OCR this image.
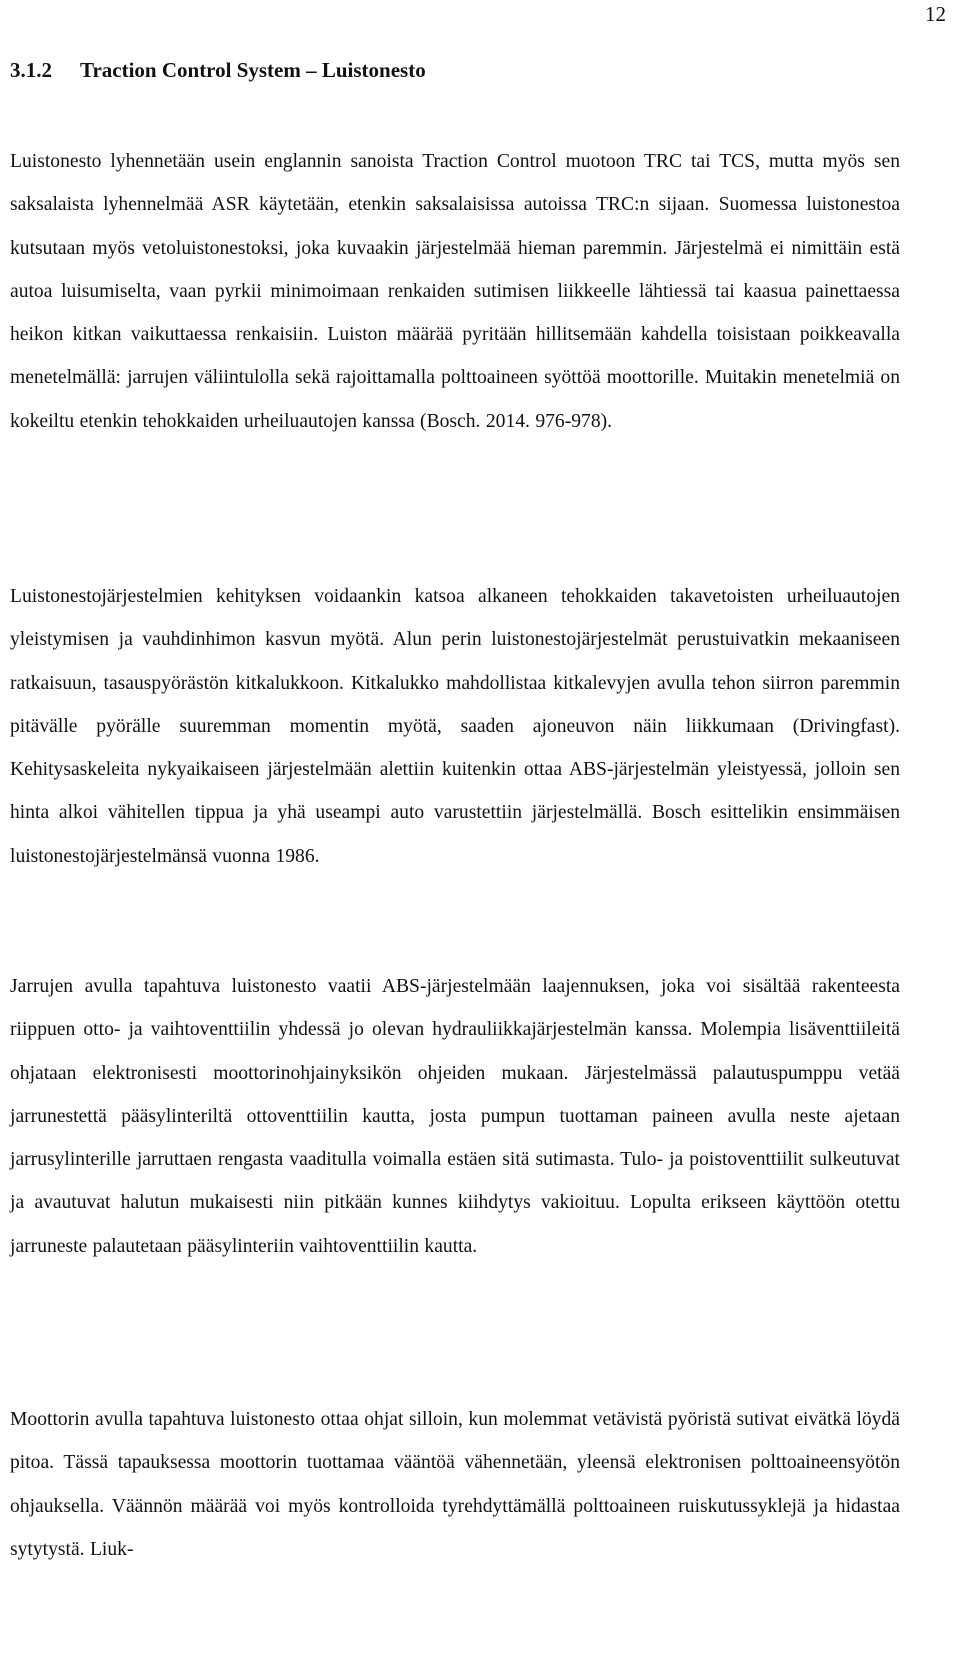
12
3.1.2 Traction Control System – Luistonesto

Luistonesto lyhennetään usein englannin sanoista Traction Control muotoon TRC tai TCS, mutta myös sen saksalaista lyhennelmää ASR käytetään, etenkin saksalaisissa autoissa TRC:n sijaan. Suomessa luistonestoa kutsutaan myös vetoluistonestoksi, joka kuvaakin järjestelmää hieman paremmin. Järjestelmä ei nimittäin estä autoa luisumiselta, vaan pyrkii minimoimaan renkaiden sutimisen liikkeelle lähtiessä tai kaasua painettaessa heikon kitkan vaikuttaessa renkaisiin. Luiston määrää pyritään hillitsemään kahdella toisistaan poikkeavalla menetelmällä: jarrujen väliintulolla sekä rajoittamalla polttoaineen syöttöä moottorille. Muitakin menetelmiä on kokeiltu etenkin tehokkaiden urheiluautojen kanssa (Bosch. 2014. 976-978).

Luistonestojärjestelmien kehityksen voidaankin katsoa alkaneen tehokkaiden takavetoisten urheiluautojen yleistymisen ja vauhdinhimon kasvun myötä. Alun perin luistonestojärjestelmät perustuivatkin mekaaniseen ratkaisuun, tasauspyörästön kitkalukkoon. Kitkalukko mahdollistaa kitkalevyjen avulla tehon siirron paremmin pitävälle pyörälle suuremman momentin myötä, saaden ajoneuvon näin liikkumaan (Drivingfast). Kehitysaskeleita nykyaikaiseen järjestelmään alettiin kuitenkin ottaa ABS-järjestelmän yleistyessä, jolloin sen hinta alkoi vähitellen tippua ja yhä useampi auto varustettiin järjestelmällä. Bosch esittelikin ensimmäisen luistonestojärjestelmänsä vuonna 1986.

Jarrujen avulla tapahtuva luistonesto vaatii ABS-järjestelmään laajennuksen, joka voi sisältää rakenteesta riippuen otto- ja vaihtoventtiilin yhdessä jo olevan hydrauliikkajärjestelmän kanssa. Molempia lisäventtiileitä ohjataan elektronisesti moottorinohjainyksikön ohjeiden mukaan. Järjestelmässä palautuspumppu vetää jarrunestettä pääsylinteriltä ottoventtiilin kautta, josta pumpun tuottaman paineen avulla neste ajetaan jarrusylinterille jarruttaen rengasta vaaditulla voimalla estäen sitä sutimasta. Tulo- ja poistoventtiilit sulkeutuvat ja avautuvat halutun mukaisesti niin pitkään kunnes kiihdytys vakioituu. Lopulta erikseen käyttöön otettu jarruneste palautetaan pääsylinteriin vaihtoventtiilin kautta.

Moottorin avulla tapahtuva luistonesto ottaa ohjat silloin, kun molemmat vetävistä pyöristä sutivat eivätkä löydä pitoa. Tässä tapauksessa moottorin tuottamaa vääntöä vähennetään, yleensä elektronisen polttoaineensyötön ohjauksella. Väännön määrää voi myös kontrolloida tyrehdyttämällä polttoaineen ruiskutussyklejä ja hidastaa sytytystä. Liuk-
